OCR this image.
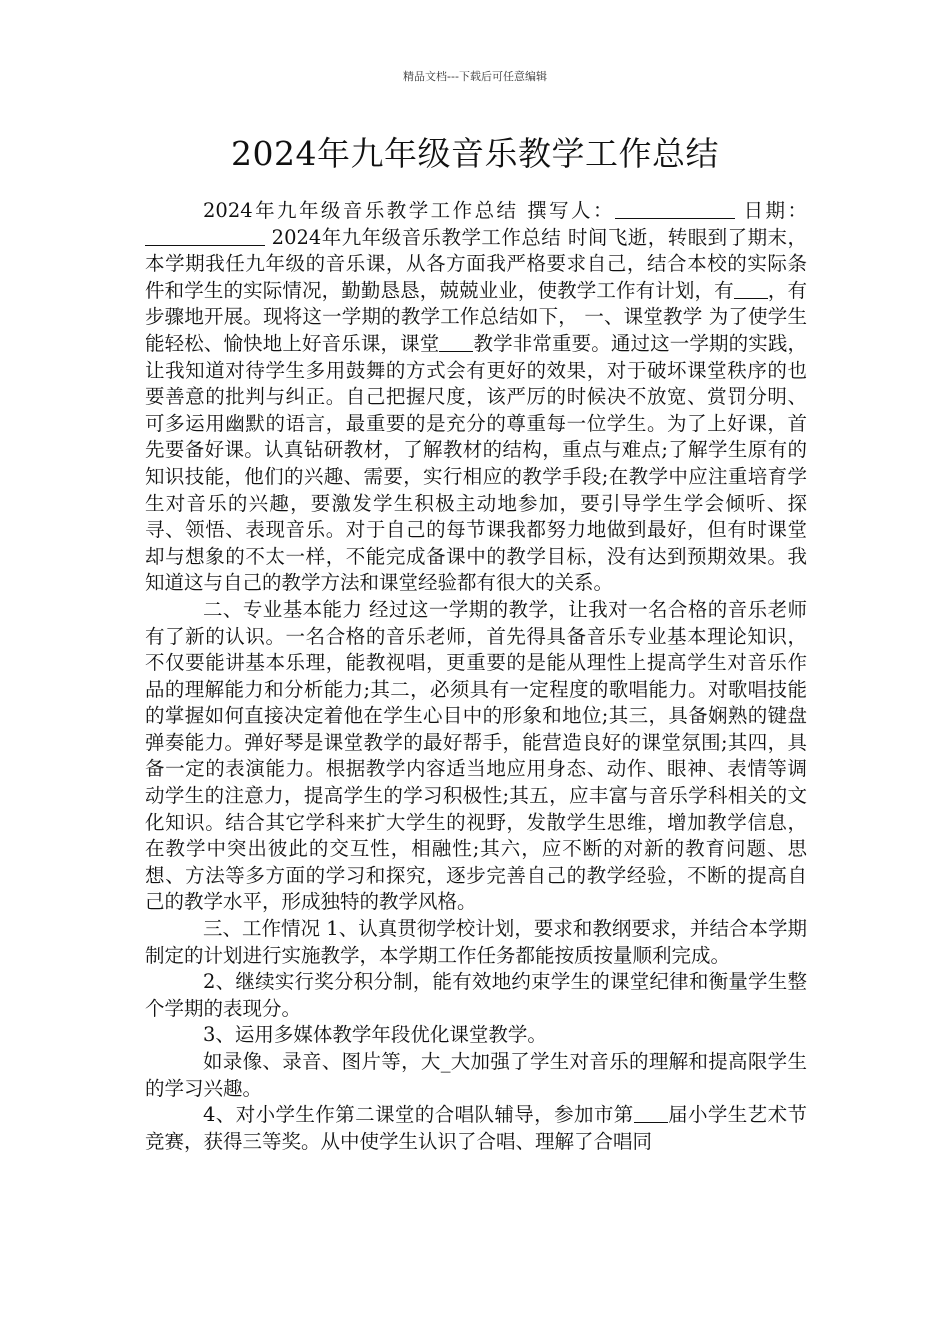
精品文档---下载后可任意编辑
2024年九年级音乐教学工作总结

2024年九年级音乐教学工作总结 撰写人：	日期： 2024年九年级音乐教学工作总结 时间飞逝，转眼到了期末，本学期我任九年级的音乐课，从各方面我严格要求自己，结合本校的实际条件和学生的实际情况，勤勤恳恳，兢兢业业，使教学工作有计划，有 ，有步骤地开展。现将这一学期的教学工作总结如下， 一、课堂教学 为了使学生能轻松、愉快地上好音乐课，课堂 教学非常重要。通过这一学期的实践，让我知道对待学生多用鼓舞的方式会有更好的效果，对于破坏课堂秩序的也要善意的批判与纠正。自己把握尺度，该严厉的时候决不放宽、赏罚分明、可多运用幽默的语言，最重要的是充分的尊重每一位学生。为了上好课，首先要备好课。认真钻研教材，了解教材的结构，重点与难点;了解学生原有的知识技能，他们的兴趣、需要，实行相应的教学手段;在教学中应注重培育学生对音乐的兴趣，要激发学生积极主动地参加，要引导学生学会倾听、探寻、领悟、表现音乐。对于自己的每节课我都努力地做到最好，但有时课堂却与想象的不太一样，不能完成备课中的教学目标，没有达到预期效果。我知道这与自己的教学方法和课堂经验都有很大的关系。

二、专业基本能力 经过这一学期的教学，让我对一名合格的音乐老师有了新的认识。一名合格的音乐老师，首先得具备音乐专业基本理论知识，不仅要能讲基本乐理，能教视唱，更重要的是能从理性上提高学生对音乐作品的理解能力和分析能力;其二，必须具有一定程度的歌唱能力。对歌唱技能的掌握如何直接决定着他在学生心目中的形象和地位;其三，具备娴熟的键盘弹奏能力。弹好琴是课堂教学的最好帮手，能营造良好的课堂氛围;其四，具备一定的表演能力。根据教学内容适当地应用身态、动作、眼神、表情等调动学生的注意力，提高学生的学习积极性;其五，应丰富与音乐学科相关的文化知识。结合其它学科来扩大学生的视野，发散学生思维，增加教学信息，在教学中突出彼此的交互性，相融性;其六，应不断的对新的教育问题、思想、方法等多方面的学习和探究，逐步完善自己的教学经验，不断的提高自己的教学水平，形成独特的教学风格。

三、工作情况 1、认真贯彻学校计划，要求和教纲要求，并结合本学期制定的计划进行实施教学，本学期工作任务都能按质按量顺利完成。

2、继续实行奖分积分制，能有效地约束学生的课堂纪律和衡量学生整个学期的表现分。

3、运用多媒体教学年段优化课堂教学。

如录像、录音、图片等，大_大加强了学生对音乐的理解和提高限学生的学习兴趣。

4、对小学生作第二课堂的合唱队辅导，参加市第 届小学生艺术节竞赛，获得三等奖。从中使学生认识了合唱、理解了合唱同
